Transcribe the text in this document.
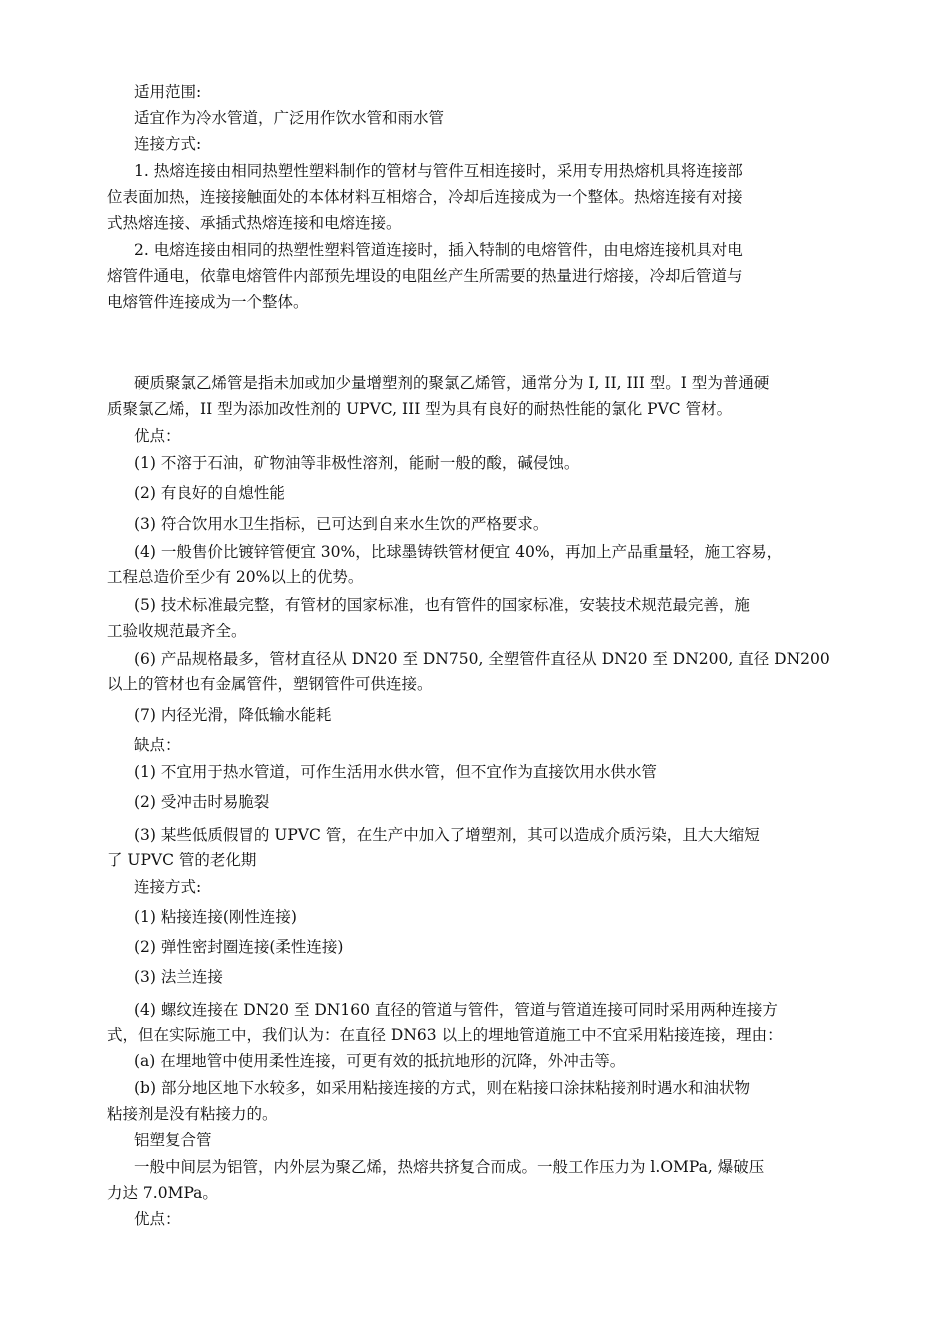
适用范围:
适宜作为冷水管道，广泛用作饮水管和雨水管
连接方式:
1. 热熔连接由相同热塑性塑料制作的管材与管件互相连接时，采用专用热熔机具将连接部
位表面加热，连接接触面处的本体材料互相熔合，冷却后连接成为一个整体。热熔连接有对接
式热熔连接、承插式热熔连接和电熔连接。
2. 电熔连接由相同的热塑性塑料管道连接时，插入特制的电熔管件，由电熔连接机具对电
熔管件通电，依靠电熔管件内部预先埋设的电阻丝产生所需要的热量进行熔接，冷却后管道与
电熔管件连接成为一个整体。
硬质聚氯乙烯管是指未加或加少量增塑剂的聚氯乙烯管，通常分为 I, II, III 型。I 型为普通硬
质聚氯乙烯，II 型为添加改性剂的 UPVC, III 型为具有良好的耐热性能的氯化 PVC 管材。
优点：
(1) 不溶于石油，矿物油等非极性溶剂，能耐一般的酸，碱侵蚀。
(2) 有良好的自熄性能
(3) 符合饮用水卫生指标，已可达到自来水生饮的严格要求。
(4) 一般售价比镀锌管便宜 30%，比球墨铸铁管材便宜 40%，再加上产品重量轻，施工容易，
工程总造价至少有 20%以上的优势。
(5) 技术标准最完整，有管材的国家标准，也有管件的国家标准，安装技术规范最完善，施
工验收规范最齐全。
(6) 产品规格最多，管材直径从 DN20 至 DN750, 全塑管件直径从 DN20 至 DN200, 直径 DN200
以上的管材也有金属管件，塑钢管件可供连接。
(7) 内径光滑，降低输水能耗
缺点：
(1) 不宜用于热水管道，可作生活用水供水管，但不宜作为直接饮用水供水管
(2) 受冲击时易脆裂
(3) 某些低质假冒的 UPVC 管，在生产中加入了增塑剂，其可以造成介质污染，且大大缩短
了 UPVC 管的老化期
连接方式:
(1) 粘接连接(刚性连接)
(2) 弹性密封圈连接(柔性连接)
(3) 法兰连接
(4) 螺纹连接在 DN20 至 DN160 直径的管道与管件，管道与管道连接可同时采用两种连接方
式，但在实际施工中，我们认为：在直径 DN63 以上的埋地管道施工中不宜采用粘接连接，理由：
(a) 在埋地管中使用柔性连接，可更有效的抵抗地形的沉降，外冲击等。
(b) 部分地区地下水较多，如采用粘接连接的方式，则在粘接口涂抹粘接剂时遇水和油状物
粘接剂是没有粘接力的。
铝塑复合管
一般中间层为铝管，内外层为聚乙烯，热熔共挤复合而成。一般工作压力为 l.OMPa, 爆破压
力达 7.0MPa。
优点：
